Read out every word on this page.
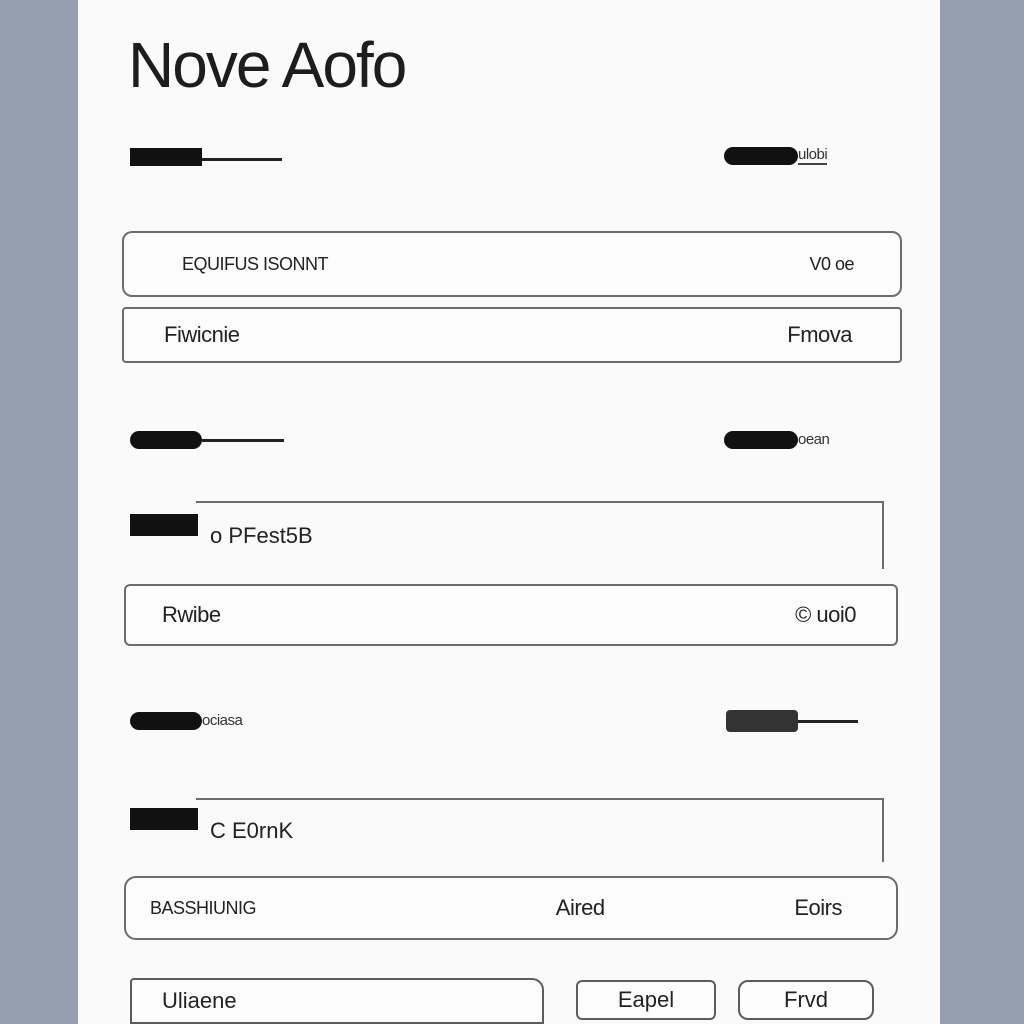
Nove Aofo
ulobi
EQUIFUS ISONNT	V0 oe
Fiwicnie	Fmova
oean
o PFest5B
Rwibe	© uoi0
ociasa
C E0rnK
BASSHIUNIG	Aired	Eoirs
Uliaene	Eapel	Frvd
